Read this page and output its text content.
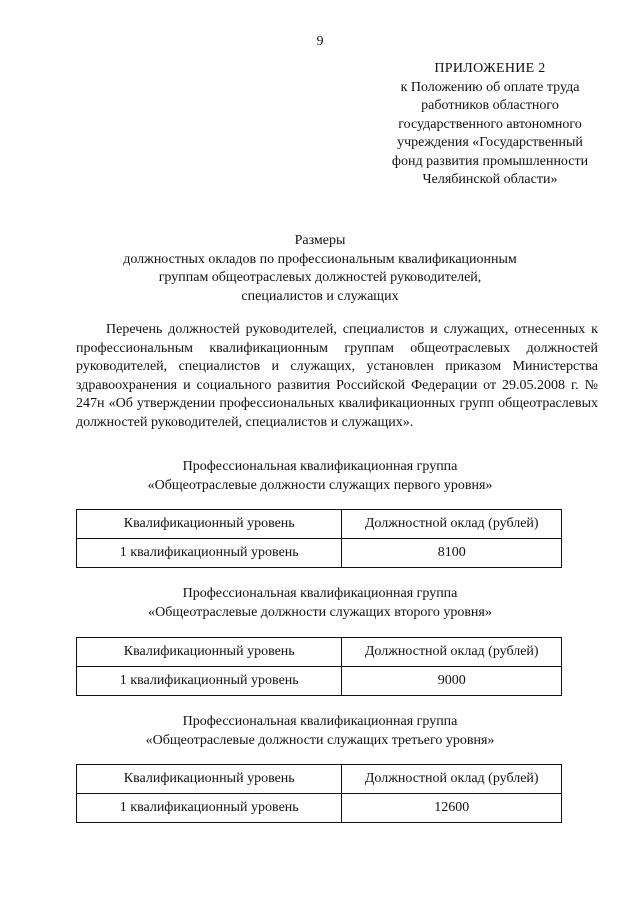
9
ПРИЛОЖЕНИЕ 2
к Положению об оплате труда
работников областного
государственного автономного
учреждения «Государственный
фонд развития промышленности
Челябинской области»
Размеры
должностных окладов по профессиональным квалификационным
группам общеотраслевых должностей руководителей,
специалистов и служащих
Перечень должностей руководителей, специалистов и служащих, отнесенных к профессиональным квалификационным группам общеотраслевых должностей руководителей, специалистов и служащих, установлен приказом Министерства здравоохранения и социального развития Российской Федерации от 29.05.2008 г. № 247н «Об утверждении профессиональных квалификационных групп общеотраслевых должностей руководителей, специалистов и служащих».
Профессиональная квалификационная группа
«Общеотраслевые должности служащих первого уровня»
Квалификационный уровень	Должностной оклад (рублей)
1 квалификационный уровень	8100
Профессиональная квалификационная группа
«Общеотраслевые должности служащих второго уровня»
Квалификационный уровень	Должностной оклад (рублей)
1 квалификационный уровень	9000
Профессиональная квалификационная группа
«Общеотраслевые должности служащих третьего уровня»
Квалификационный уровень	Должностной оклад (рублей)
1 квалификационный уровень	12600
